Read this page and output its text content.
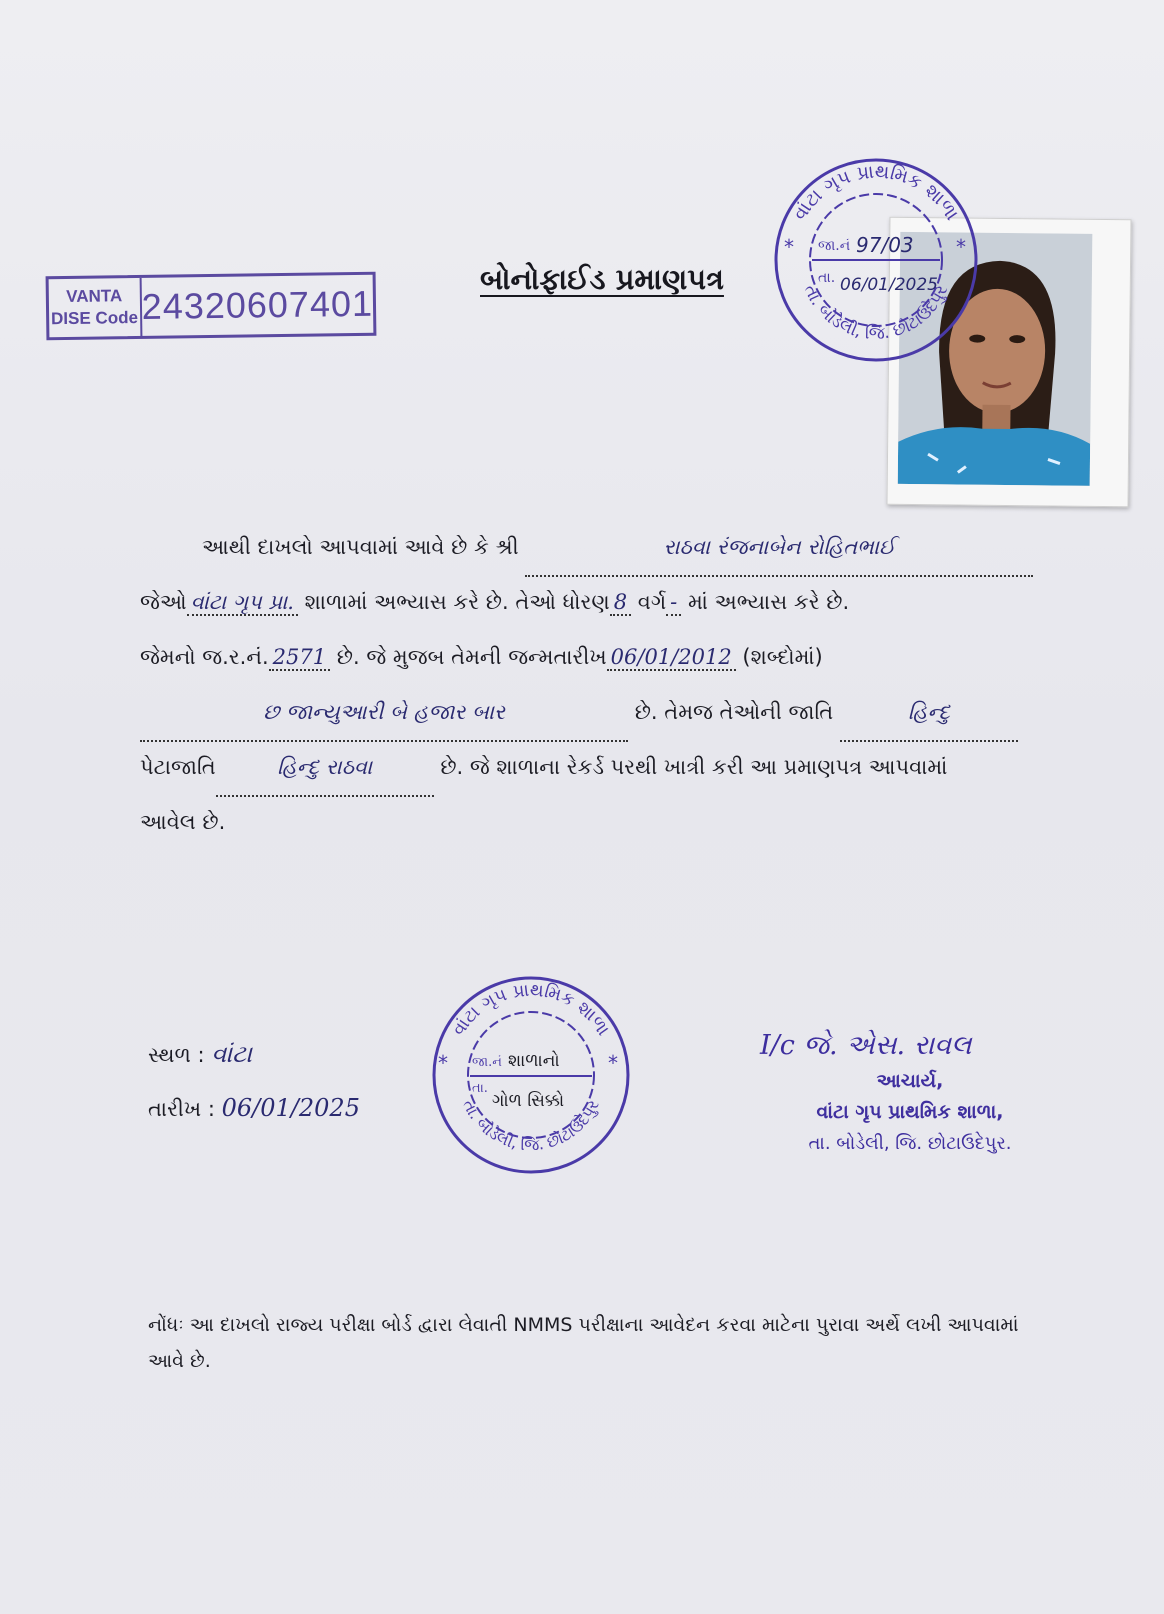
VANTA
DISE Code 24320607401
બોનોફાઈડ પ્રમાણપત્ર
વાંટા ગૃપ પ્રાથમિક શાળા
તા. બોડેલી, જિ. છોટાઉદેપુર
*	*
જા.નં 97/03
તા. 06/01/2025
આથી દાખલો આપવામાં આવે છે કે શ્રી	રાઠવા રંજનાબેન રોહિતભાઈ
જેઓ વાંટા ગૃપ પ્રા. શાળામાં અભ્યાસ કરે છે. તેઓ ધોરણ 8 વર્ગ - માં અભ્યાસ કરે છે.
જેમનો જ.ર.નં. 2571 છે. જે મુજબ તેમની જન્મતારીખ 06/01/2012 (શબ્દોમાં)
છ જાન્યુઆરી બે હજાર બાર	છે. તેમજ તેઓની જાતિ	હિન્દુ
પેટાજાતિ	હિન્દુ રાઠવા	છે. જે શાળાના રેકર્ડ પરથી ખાત્રી કરી આ પ્રમાણપત્ર આપવામાં
આવેલ છે.
સ્થળ : વાંટા
તારીખ : 06/01/2025
વાંટા ગૃપ પ્રાથમિક શાળા
તા. બોડેલી, જિ. છોટાઉદેપુર
*	*
જા.નં શાળાનો
તા.
ગોળ સિક્કો
I/c જે. એસ. રાવલ
આચાર્ય,
વાંટા ગૃપ પ્રાથમિક શાળા,
તા. બોડેલી, જિ. છોટાઉદેપુર.
નોંધઃ આ દાખલો રાજ્ય પરીક્ષા બોર્ડ દ્વારા લેવાતી NMMS પરીક્ષાના આવેદન કરવા માટેના પુરાવા અર્થે લખી આપવામાં આવે છે.
